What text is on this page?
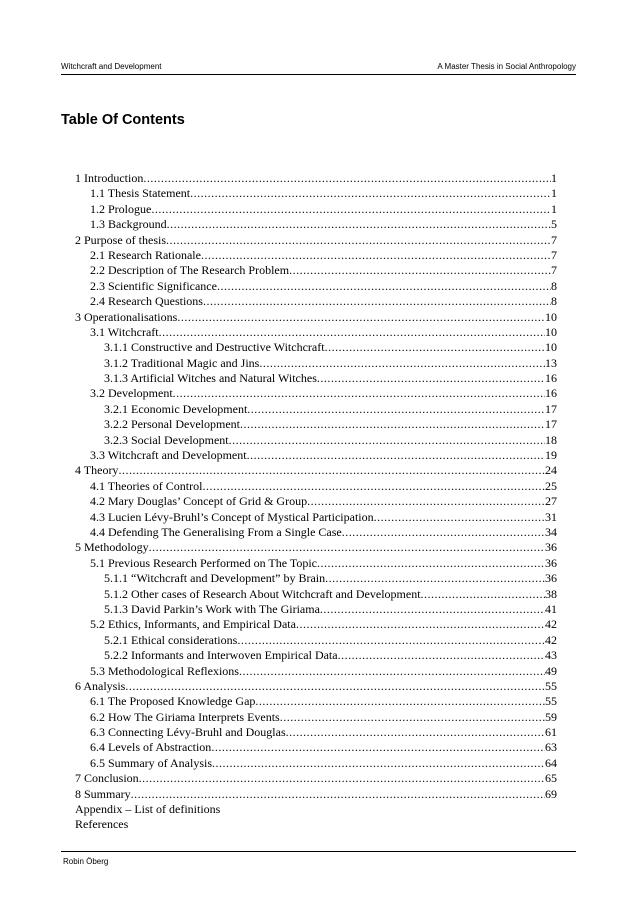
Witchcraft and Development	A Master Thesis in Social Anthropology
Table Of Contents
1 Introduction .....	1
1.1 Thesis Statement .....	1
1.2 Prologue .....	1
1.3 Background .....	5
2 Purpose of thesis .....	7
2.1 Research Rationale .....	7
2.2 Description of The Research Problem .....	7
2.3 Scientific Significance .....	8
2.4 Research Questions .....	8
3 Operationalisations .....	10
3.1 Witchcraft .....	10
3.1.1 Constructive and Destructive Witchcraft .....	10
3.1.2 Traditional Magic and Jins .....	13
3.1.3 Artificial Witches and Natural Witches .....	16
3.2 Development .....	16
3.2.1 Economic Development .....	17
3.2.2 Personal Development .....	17
3.2.3 Social Development .....	18
3.3 Witchcraft and Development .....	19
4 Theory .....	24
4.1 Theories of Control .....	25
4.2 Mary Douglas’ Concept of Grid & Group .....	27
4.3 Lucien Lévy-Bruhl’s Concept of Mystical Participation .....	31
4.4 Defending The Generalising From a Single Case .....	34
5 Methodology .....	36
5.1 Previous Research Performed on The Topic .....	36
5.1.1 “Witchcraft and Development” by Brain .....	36
5.1.2 Other cases of Research About Witchcraft and Development .....	38
5.1.3 David Parkin’s Work with The Giriama .....	41
5.2 Ethics, Informants, and Empirical Data .....	42
5.2.1 Ethical considerations .....	42
5.2.2 Informants and Interwoven Empirical Data .....	43
5.3 Methodological Reflexions .....	49
6 Analysis .....	55
6.1 The Proposed Knowledge Gap .....	55
6.2 How The Giriama Interprets Events .....	59
6.3 Connecting Lévy-Bruhl and Douglas .....	61
6.4 Levels of Abstraction .....	63
6.5 Summary of Analysis .....	64
7 Conclusion .....	65
8 Summary .....	69
Appendix – List of definitions
References
Robin Öberg
